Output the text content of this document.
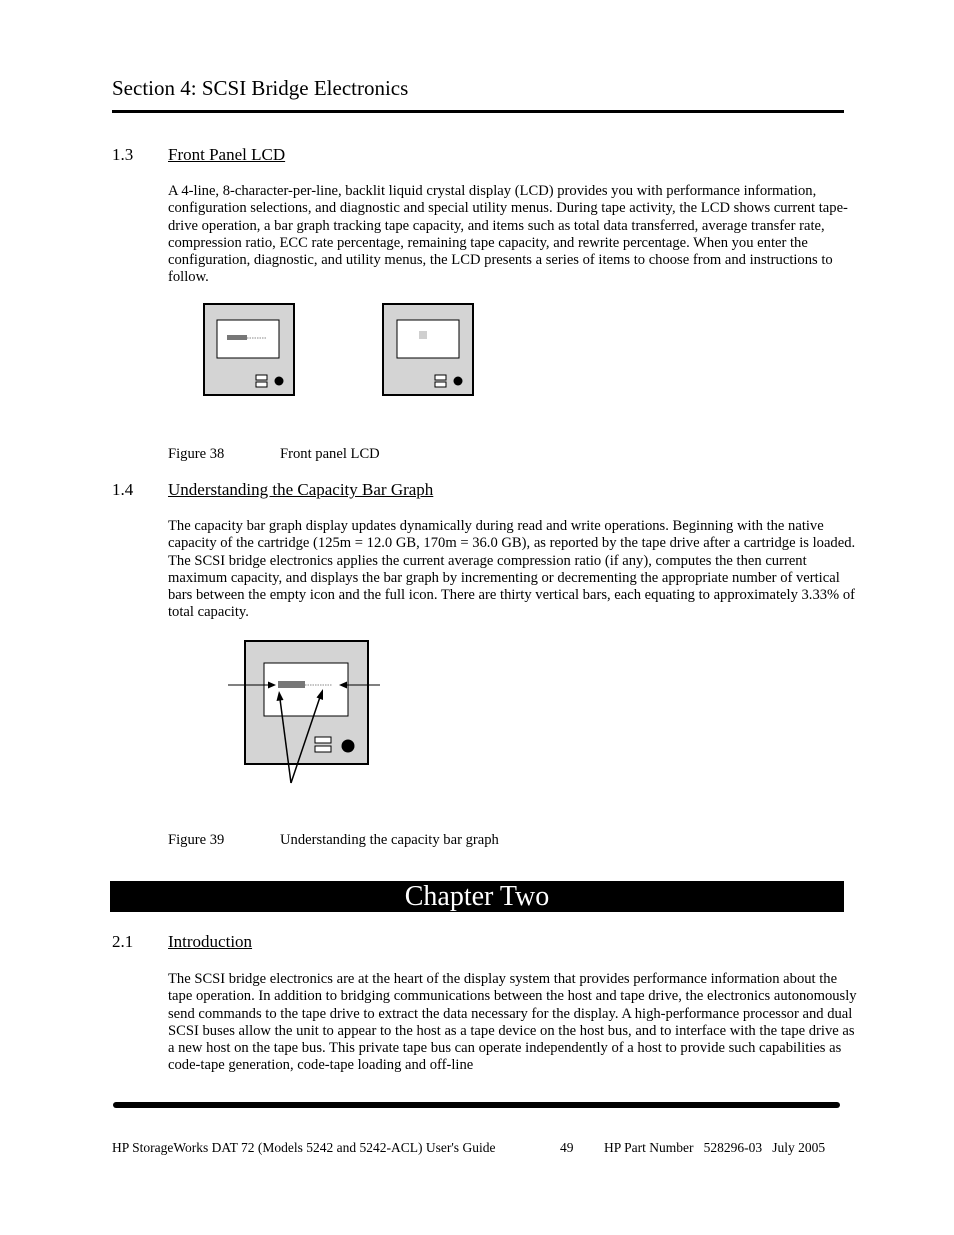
Section 4: SCSI Bridge Electronics
1.3 Front Panel LCD
A 4-line, 8-character-per-line, backlit liquid crystal display (LCD) provides you with performance information, configuration selections, and diagnostic and special utility menus. During tape activity, the LCD shows current tape-drive operation, a bar graph tracking tape capacity, and items such as total data transferred, average transfer rate, compression ratio, ECC rate percentage, remaining tape capacity, and rewrite percentage. When you enter the configuration, diagnostic, and utility menus, the LCD presents a series of items to choose from and instructions to follow.
Figure 38	Front panel LCD
1.4 Understanding the Capacity Bar Graph
The capacity bar graph display updates dynamically during read and write operations. Beginning with the native capacity of the cartridge (125m = 12.0 GB, 170m = 36.0 GB), as reported by the tape drive after a cartridge is loaded. The SCSI bridge electronics applies the current average compression ratio (if any), computes the then current maximum capacity, and displays the bar graph by incrementing or decrementing the appropriate number of vertical bars between the empty icon and the full icon. There are thirty vertical bars, each equating to approximately 3.33% of total capacity.
Figure 39	Understanding the capacity bar graph
Chapter Two
2.1 Introduction
The SCSI bridge electronics are at the heart of the display system that provides performance information about the tape operation. In addition to bridging communications between the host and tape drive, the electronics autonomously send commands to the tape drive to extract the data necessary for the display. A high-performance processor and dual SCSI buses allow the unit to appear to the host as a tape device on the host bus, and to interface with the tape drive as a new host on the tape bus. This private tape bus can operate independently of a host to provide such capabilities as code-tape generation, code-tape loading and off-line
HP StorageWorks DAT 72 (Models 5242 and 5242-ACL) User's Guide	49 HP Part Number   528296-03   July 2005
